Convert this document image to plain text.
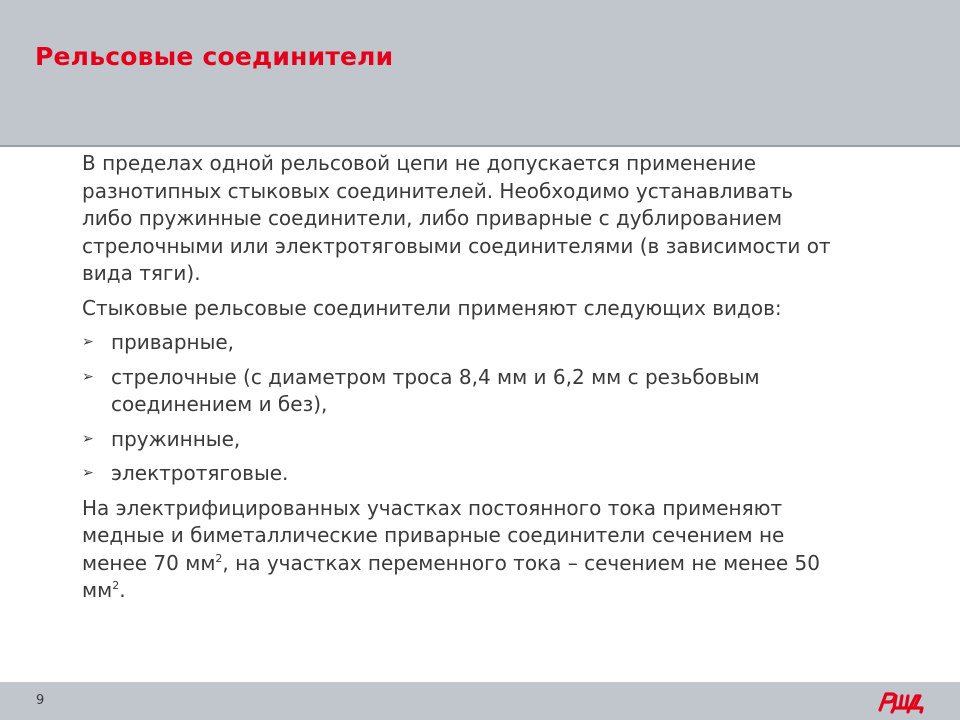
Рельсовые соединители

В пределах одной рельсовой цепи не допускается применение разнотипных стыковых соединителей. Необходимо устанавливать либо пружинные соединители, либо приварные с дублированием стрелочными или электротяговыми соединителями (в зависимости от вида тяги).

Стыковые рельсовые соединители применяют следующих видов:

➢ приварные,
➢ стрелочные (с диаметром троса 8,4 мм и 6,2 мм с резьбовым соединением и без),
➢ пружинные,
➢ электротяговые.

На электрифицированных участках постоянного тока применяют медные и биметаллические приварные соединители сечением не менее 70 $мм^2$, на участках переменного тока – сечением не менее 50 $мм^2$.

9
